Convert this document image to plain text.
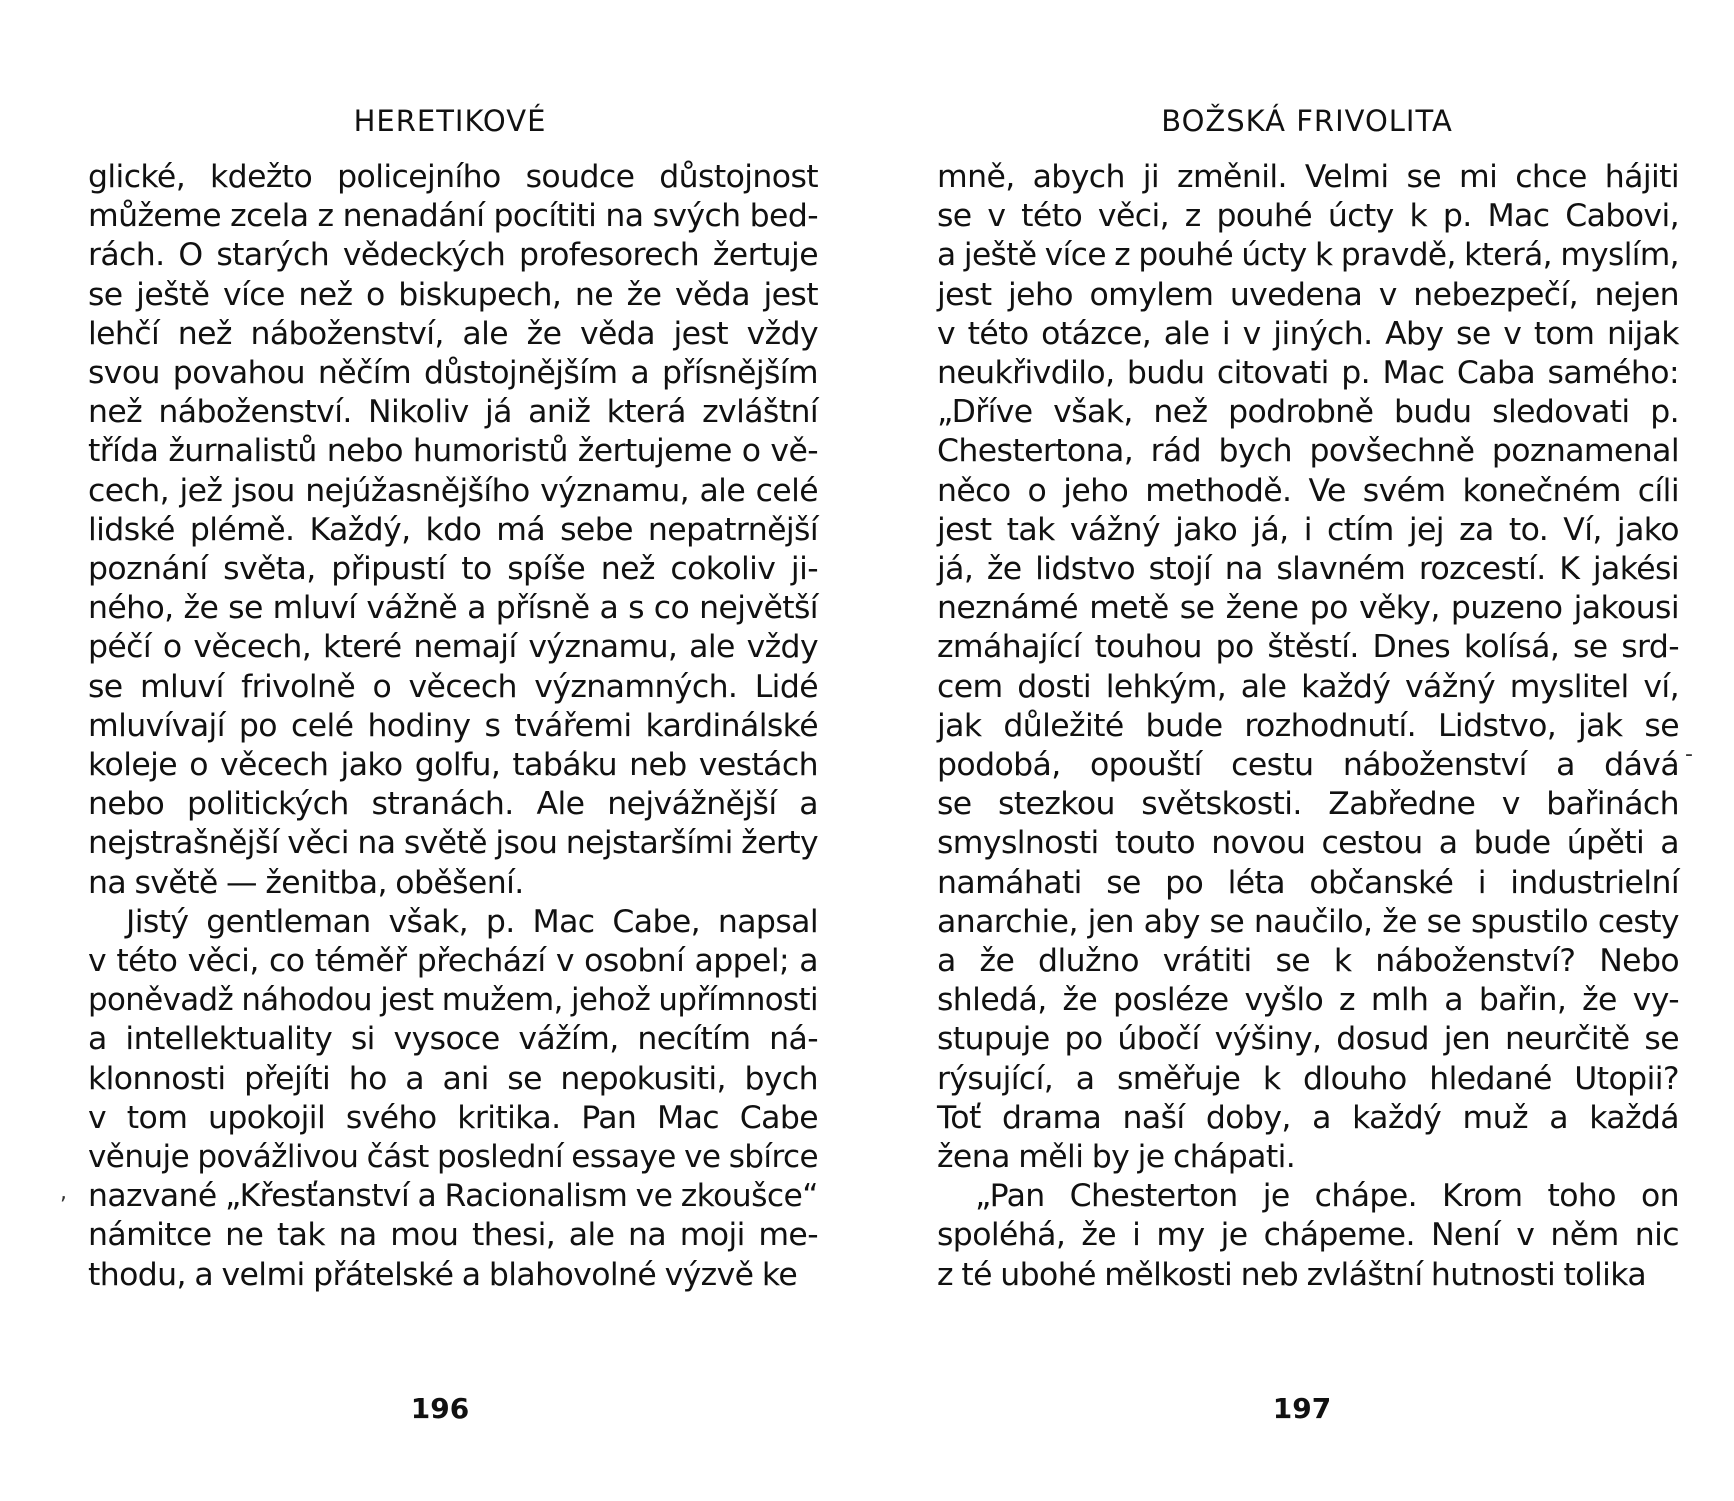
HERETIKOVÉ
glické, kdežto policejního soudce důstojnost
můžeme zcela z nenadání pocítiti na svých bed-
rách. O starých vědeckých profesorech žertuje
se ještě více než o biskupech, ne že věda jest
lehčí než náboženství, ale že věda jest vždy
svou povahou něčím důstojnějším a přísnějším
než náboženství. Nikoliv já aniž která zvláštní
třída žurnalistů nebo humoristů žertujeme o vě-
cech, jež jsou nejúžasnějšího významu, ale celé
lidské plémě. Každý, kdo má sebe nepatrnější
poznání světa, připustí to spíše než cokoliv ji-
ného, že se mluví vážně a přísně a s co největší
péčí o věcech, které nemají významu, ale vždy
se mluví frivolně o věcech významných. Lidé
mluvívají po celé hodiny s tvářemi kardinálské
koleje o věcech jako golfu, tabáku neb vestách
nebo politických stranách. Ale nejvážnější a
nejstrašnější věci na světě jsou nejstaršími žerty
na světě — ženitba, oběšení.
Jistý gentleman však, p. Mac Cabe, napsal
v této věci, co téměř přechází v osobní appel; a
poněvadž náhodou jest mužem, jehož upřímnosti
a intellektuality si vysoce vážím, necítím ná-
klonnosti přejíti ho a ani se nepokusiti, bych
v tom upokojil svého kritika. Pan Mac Cabe
věnuje povážlivou část poslední essaye ve sbírce
nazvané „Křesťanství a Racionalism ve zkoušce“
námitce ne tak na mou thesi, ale na moji me-
thodu, a velmi přátelské a blahovolné výzvě ke
,
196
BOŽSKÁ FRIVOLITA
mně, abych ji změnil. Velmi se mi chce hájiti
se v této věci, z pouhé úcty k p. Mac Cabovi,
a ještě více z pouhé úcty k pravdě, která, myslím,
jest jeho omylem uvedena v nebezpečí, nejen
v této otázce, ale i v jiných. Aby se v tom nijak
neukřivdilo, budu citovati p. Mac Caba samého:
„Dříve však, než podrobně budu sledovati p.
Chestertona, rád bych povšechně poznamenal
něco o jeho methodě. Ve svém konečném cíli
jest tak vážný jako já, i ctím jej za to. Ví, jako
já, že lidstvo stojí na slavném rozcestí. K jakési
neznámé metě se žene po věky, puzeno jakousi
zmáhající touhou po štěstí. Dnes kolísá, se srd-
cem dosti lehkým, ale každý vážný myslitel ví,
jak důležité bude rozhodnutí. Lidstvo, jak se
podobá, opouští cestu náboženství a dává
se stezkou světskosti. Zabředne v bařinách
smyslnosti touto novou cestou a bude úpěti a
namáhati se po léta občanské i industrielní
anarchie, jen aby se naučilo, že se spustilo cesty
a že dlužno vrátiti se k náboženství? Nebo
shledá, že posléze vyšlo z mlh a bařin, že vy-
stupuje po úbočí výšiny, dosud jen neurčitě se
rýsující, a směřuje k dlouho hledané Utopii?
Toť drama naší doby, a každý muž a každá
žena měli by je chápati.
„Pan Chesterton je chápe. Krom toho on
spoléhá, že i my je chápeme. Není v něm nic
z té ubohé mělkosti neb zvláštní hutnosti tolika
-
197
